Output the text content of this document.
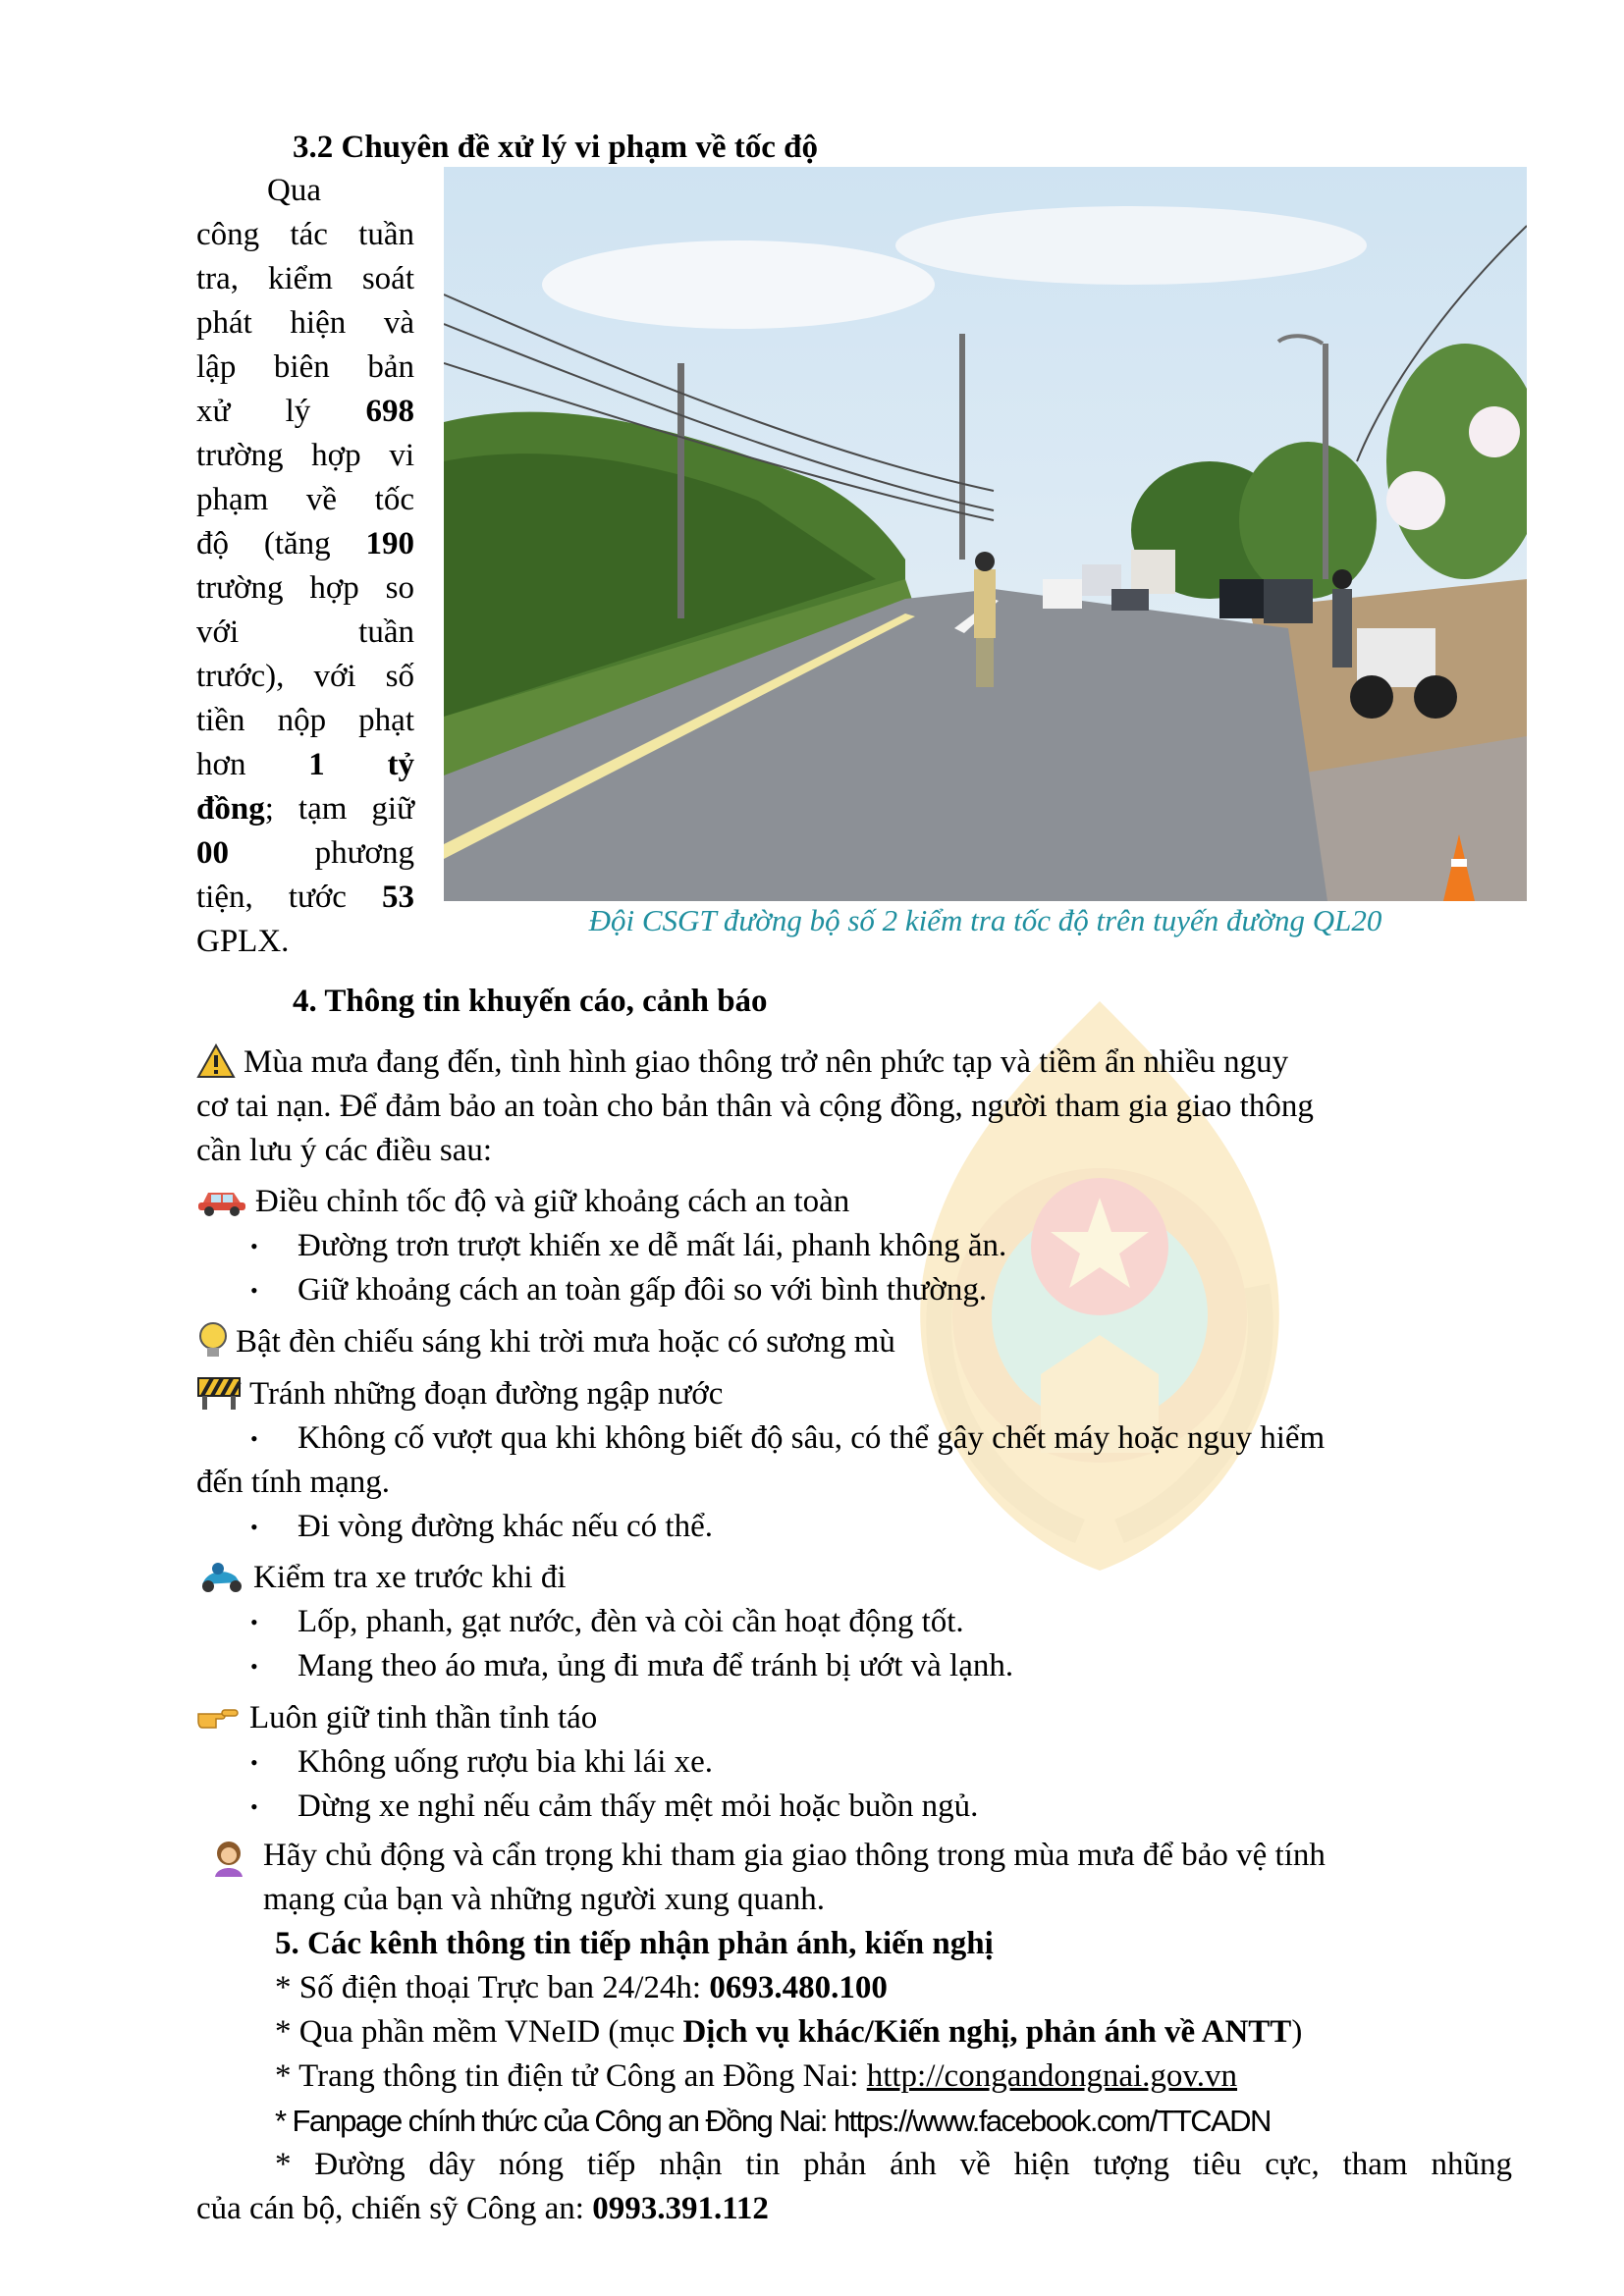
3.2 Chuyên đề xử lý vi phạm về tốc độ
Qua
công tác tuần
tra, kiểm soát
phát hiện và
lập biên bản
xử lý 698
trường hợp vi
phạm về tốc
độ (tăng 190
trường hợp so
với tuần
trước), với số
tiền nộp phạt
hơn 1 tỷ
đồng; tạm giữ
00 phương
tiện, tước 53
GPLX.
Đội CSGT đường bộ số 2 kiểm tra tốc độ trên tuyến đường QL20
4. Thông tin khuyến cáo, cảnh báo
Mùa mưa đang đến, tình hình giao thông trở nên phức tạp và tiềm ẩn nhiều nguy
cơ tai nạn. Để đảm bảo an toàn cho bản thân và cộng đồng, người tham gia giao thông
cần lưu ý các điều sau:
Điều chỉnh tốc độ và giữ khoảng cách an toàn
•	Đường trơn trượt khiến xe dễ mất lái, phanh không ăn.
•	Giữ khoảng cách an toàn gấp đôi so với bình thường.
Bật đèn chiếu sáng khi trời mưa hoặc có sương mù
Tránh những đoạn đường ngập nước
•	Không cố vượt qua khi không biết độ sâu, có thể gây chết máy hoặc nguy hiểm
đến tính mạng.
•	Đi vòng đường khác nếu có thể.
Kiểm tra xe trước khi đi
•	Lốp, phanh, gạt nước, đèn và còi cần hoạt động tốt.
•	Mang theo áo mưa, ủng đi mưa để tránh bị ướt và lạnh.
Luôn giữ tinh thần tỉnh táo
•	Không uống rượu bia khi lái xe.
•	Dừng xe nghỉ nếu cảm thấy mệt mỏi hoặc buồn ngủ.
Hãy chủ động và cẩn trọng khi tham gia giao thông trong mùa mưa để bảo vệ tính
mạng của bạn và những người xung quanh.
5. Các kênh thông tin tiếp nhận phản ánh, kiến nghị
* Số điện thoại Trực ban 24/24h: 0693.480.100
* Qua phần mềm VNeID (mục Dịch vụ khác/Kiến nghị, phản ánh về ANTT)
* Trang thông tin điện tử Công an Đồng Nai: http://congandongnai.gov.vn
* Fanpage chính thức của Công an Đồng Nai: https://www.facebook.com/TTCADN
* Đường dây nóng tiếp nhận tin phản ánh về hiện tượng tiêu cực, tham nhũng
của cán bộ, chiến sỹ Công an: 0993.391.112
